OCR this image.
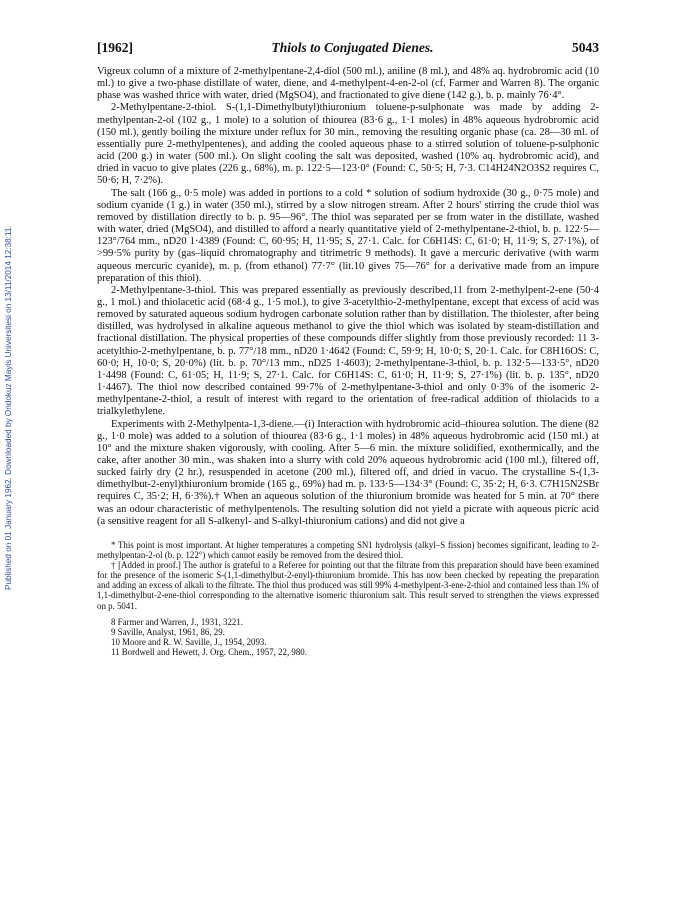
Published on 01 January 1962. Downloaded by Ondokuz Mayis Universitesi on 13/11/2014 12:38:11.
[1962]	Thiols to Conjugated Dienes.	5043

Vigreux column of a mixture of 2-methylpentane-2,4-diol (500 ml.), aniline (8 ml.), and 48% aq. hydrobromic acid (10 ml.) to give a two-phase distillate of water, diene, and 4-methylpent-4-en-2-ol (cf. Farmer and Warren 8). The organic phase was washed thrice with water, dried (MgSO4), and fractionated to give diene (142 g.), b. p. mainly 76·4°.

2-Methylpentane-2-thiol. S-(1,1-Dimethylbutyl)thiuronium toluene-p-sulphonate was made by adding 2-methylpentan-2-ol (102 g., 1 mole) to a solution of thiourea (83·6 g., 1·1 moles) in 48% aqueous hydrobromic acid (150 ml.), gently boiling the mixture under reflux for 30 min., removing the resulting organic phase (ca. 28—30 ml. of essentially pure 2-methylpentenes), and adding the cooled aqueous phase to a stirred solution of toluene-p-sulphonic acid (200 g.) in water (500 ml.). On slight cooling the salt was deposited, washed (10% aq. hydrobromic acid), and dried in vacuo to give plates (226 g., 68%), m. p. 122·5—123·0° (Found: C, 50·5; H, 7·3. C14H24N2O3S2 requires C, 50·6; H, 7·2%).

The salt (166 g., 0·5 mole) was added in portions to a cold * solution of sodium hydroxide (30 g., 0·75 mole) and sodium cyanide (1 g.) in water (350 ml.), stirred by a slow nitrogen stream. After 2 hours' stirring the crude thiol was removed by distillation directly to b. p. 95—96°. The thiol was separated per se from water in the distillate, washed with water, dried (MgSO4), and distilled to afford a nearly quantitative yield of 2-methylpentane-2-thiol, b. p. 122·5—123°/764 mm., nD20 1·4389 (Found: C, 60·95; H, 11·95; S, 27·1. Calc. for C6H14S: C, 61·0; H, 11·9; S, 27·1%), of >99·5% purity by (gas–liquid chromatography and titrimetric 9 methods). It gave a mercuric derivative (with warm aqueous mercuric cyanide), m. p. (from ethanol) 77·7° (lit.10 gives 75—76° for a derivative made from an impure preparation of this thiol).

2-Methylpentane-3-thiol. This was prepared essentially as previously described,11 from 2-methylpent-2-ene (50·4 g., 1 mol.) and thiolacetic acid (68·4 g., 1·5 mol.), to give 3-acetylthio-2-methylpentane, except that excess of acid was removed by saturated aqueous sodium hydrogen carbonate solution rather than by distillation. The thiolester, after being distilled, was hydrolysed in alkaline aqueous methanol to give the thiol which was isolated by steam-distillation and fractional distillation. The physical properties of these compounds differ slightly from those previously recorded: 11 3-acetylthio-2-methylpentane, b. p. 77°/18 mm., nD20 1·4642 (Found: C, 59·9; H, 10·0; S, 20·1. Calc. for C8H16OS: C, 60·0; H, 10·0; S, 20·0%) (lit. b. p. 70°/13 mm., nD25 1·4603); 2-methylpentane-3-thiol, b. p. 132·5—133·5°, nD20 1·4498 (Found: C, 61·05; H, 11·9; S, 27·1. Calc. for C6H14S: C, 61·0; H, 11·9; S, 27·1%) (lit. b. p. 135°, nD20 1·4467). The thiol now described contained 99·7% of 2-methylpentane-3-thiol and only 0·3% of the isomeric 2-methylpentane-2-thiol, a result of interest with regard to the orientation of free-radical addition of thiolacids to a trialkylethylene.

Experiments with 2-Methylpenta-1,3-diene.—(i) Interaction with hydrobromic acid–thiourea solution. The diene (82 g., 1·0 mole) was added to a solution of thiourea (83·6 g., 1·1 moles) in 48% aqueous hydrobromic acid (150 ml.) at 10° and the mixture shaken vigorously, with cooling. After 5—6 min. the mixture solidified, exothermically, and the cake, after another 30 min., was shaken into a slurry with cold 20% aqueous hydrobromic acid (100 ml.), filtered off, sucked fairly dry (2 hr.), resuspended in acetone (200 ml.), filtered off, and dried in vacuo. The crystalline S-(1,3-dimethylbut-2-enyl)thiuronium bromide (165 g., 69%) had m. p. 133·5—134·3° (Found: C, 35·2; H, 6·3. C7H15N2SBr requires C, 35·2; H, 6·3%).† When an aqueous solution of the thiuronium bromide was heated for 5 min. at 70° there was an odour characteristic of methylpentenols. The resulting solution did not yield a picrate with aqueous picric acid (a sensitive reagent for all S-alkenyl- and S-alkyl-thiuronium cations) and did not give a

* This point is most important. At higher temperatures a competing SN1 hydrolysis (alkyl–S fission) becomes significant, leading to 2-methylpentan-2-ol (b. p. 122°) which cannot easily be removed from the desired thiol.

† [Added in proof.] The author is grateful to a Referee for pointing out that the filtrate from this preparation should have been examined for the presence of the isomeric S-(1,1-dimethylbut-2-enyl)-thiuronium bromide. This has now been checked by repeating the preparation and adding an excess of alkali to the filtrate. The thiol thus produced was still 99% 4-methylpent-3-ene-2-thiol and contained less than 1% of 1,1-dimethylbut-2-ene-thiol corresponding to the alternative isomeric thiuronium salt. This result served to strengthen the views expressed on p. 5041.

8 Farmer and Warren, J., 1931, 3221.

9 Saville, Analyst, 1961, 86, 29.

10 Moore and R. W. Saville, J., 1954, 2093.

11 Bordwell and Hewett, J. Org. Chem., 1957, 22, 980.
